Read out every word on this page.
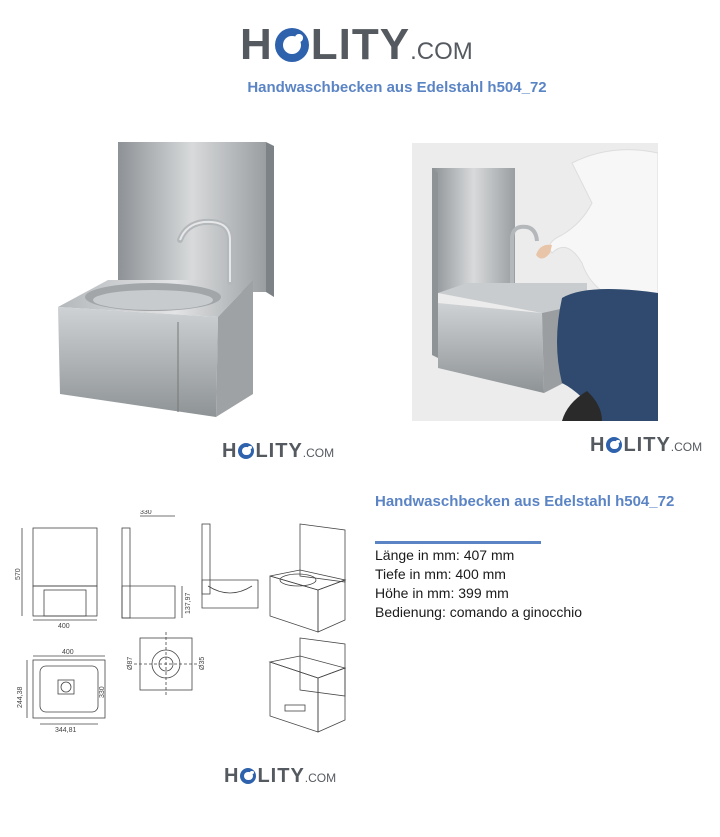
H LITY .COM
Handwaschbecken aus Edelstahl h504_72
H LITY .COM	H LITY .COM
330
570
400
137,97
400
244,38	330
344,81
Ø87	Ø35
H LITY .COM
Handwaschbecken aus Edelstahl h504_72
Länge in mm: 407 mm
Tiefe in mm: 400 mm
Höhe in mm: 399 mm
Bedienung: comando a ginocchio
